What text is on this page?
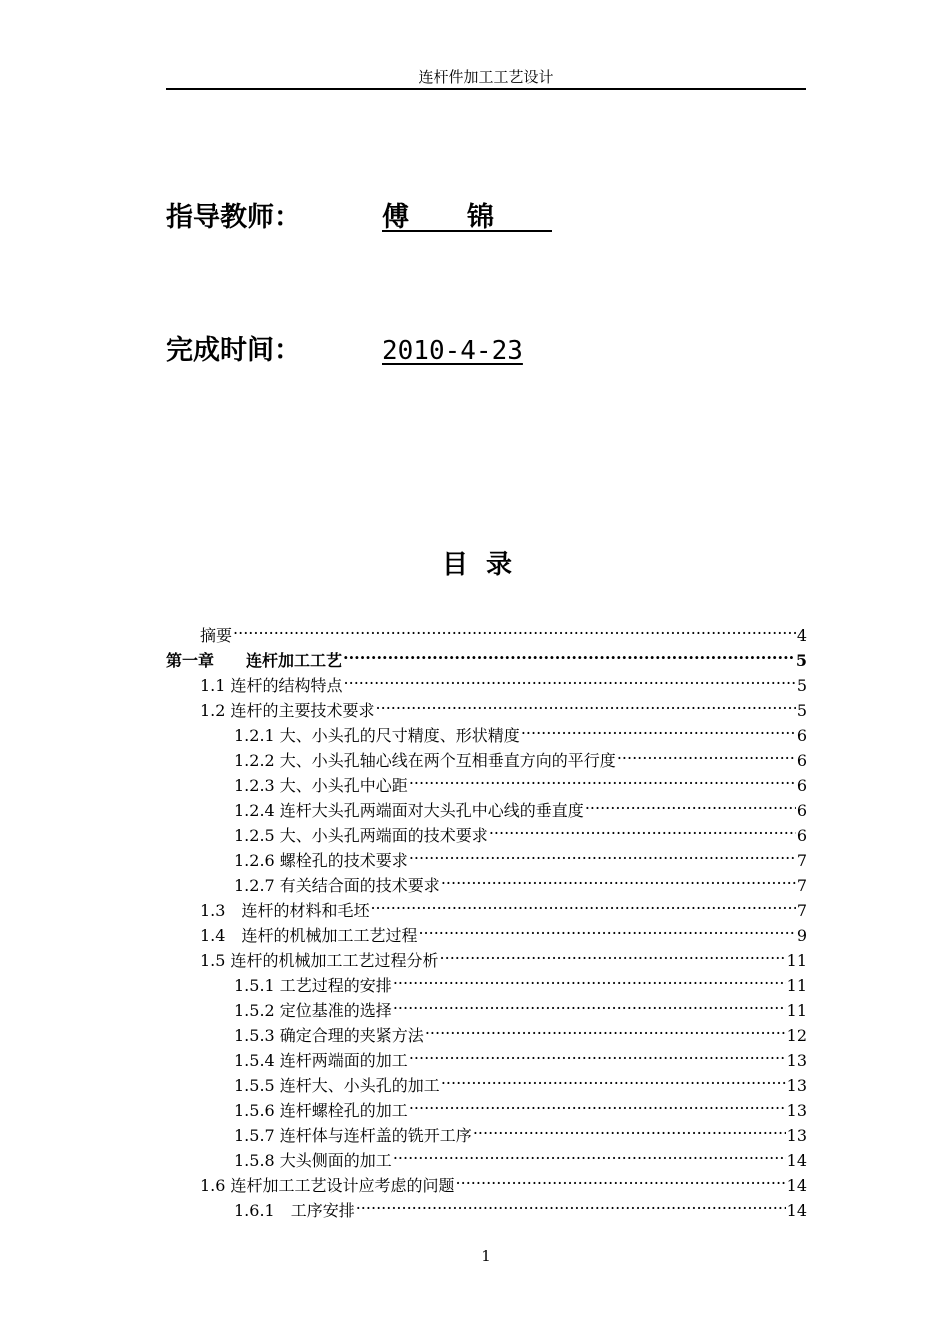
连杆件加工工艺设计
指导教师：	傅锦
完成时间：	2010-4-23
目录
摘要 .....	4
第一章　　连杆加工工艺 .....	5
1.1 连杆的结构特点 .....	5
1.2 连杆的主要技术要求 .....	5
1.2.1 大、小头孔的尺寸精度、形状精度 .....	6
1.2.2 大、小头孔轴心线在两个互相垂直方向的平行度 .....	6
1.2.3 大、小头孔中心距 .....	6
1.2.4 连杆大头孔两端面对大头孔中心线的垂直度 .....	6
1.2.5 大、小头孔两端面的技术要求 .....	6
1.2.6 螺栓孔的技术要求 .....	7
1.2.7 有关结合面的技术要求 .....	7
1.3　连杆的材料和毛坯 .....	7
1.4　连杆的机械加工工艺过程 .....	9
1.5 连杆的机械加工工艺过程分析 .....	11
1.5.1 工艺过程的安排 .....	11
1.5.2 定位基准的选择 .....	11
1.5.3 确定合理的夹紧方法 .....	12
1.5.4 连杆两端面的加工 .....	13
1.5.5 连杆大、小头孔的加工 .....	13
1.5.6 连杆螺栓孔的加工 .....	13
1.5.7 连杆体与连杆盖的铣开工序 .....	13
1.5.8 大头侧面的加工 .....	14
1.6 连杆加工工艺设计应考虑的问题 .....	14
1.6.1　工序安排 .....	14
1
